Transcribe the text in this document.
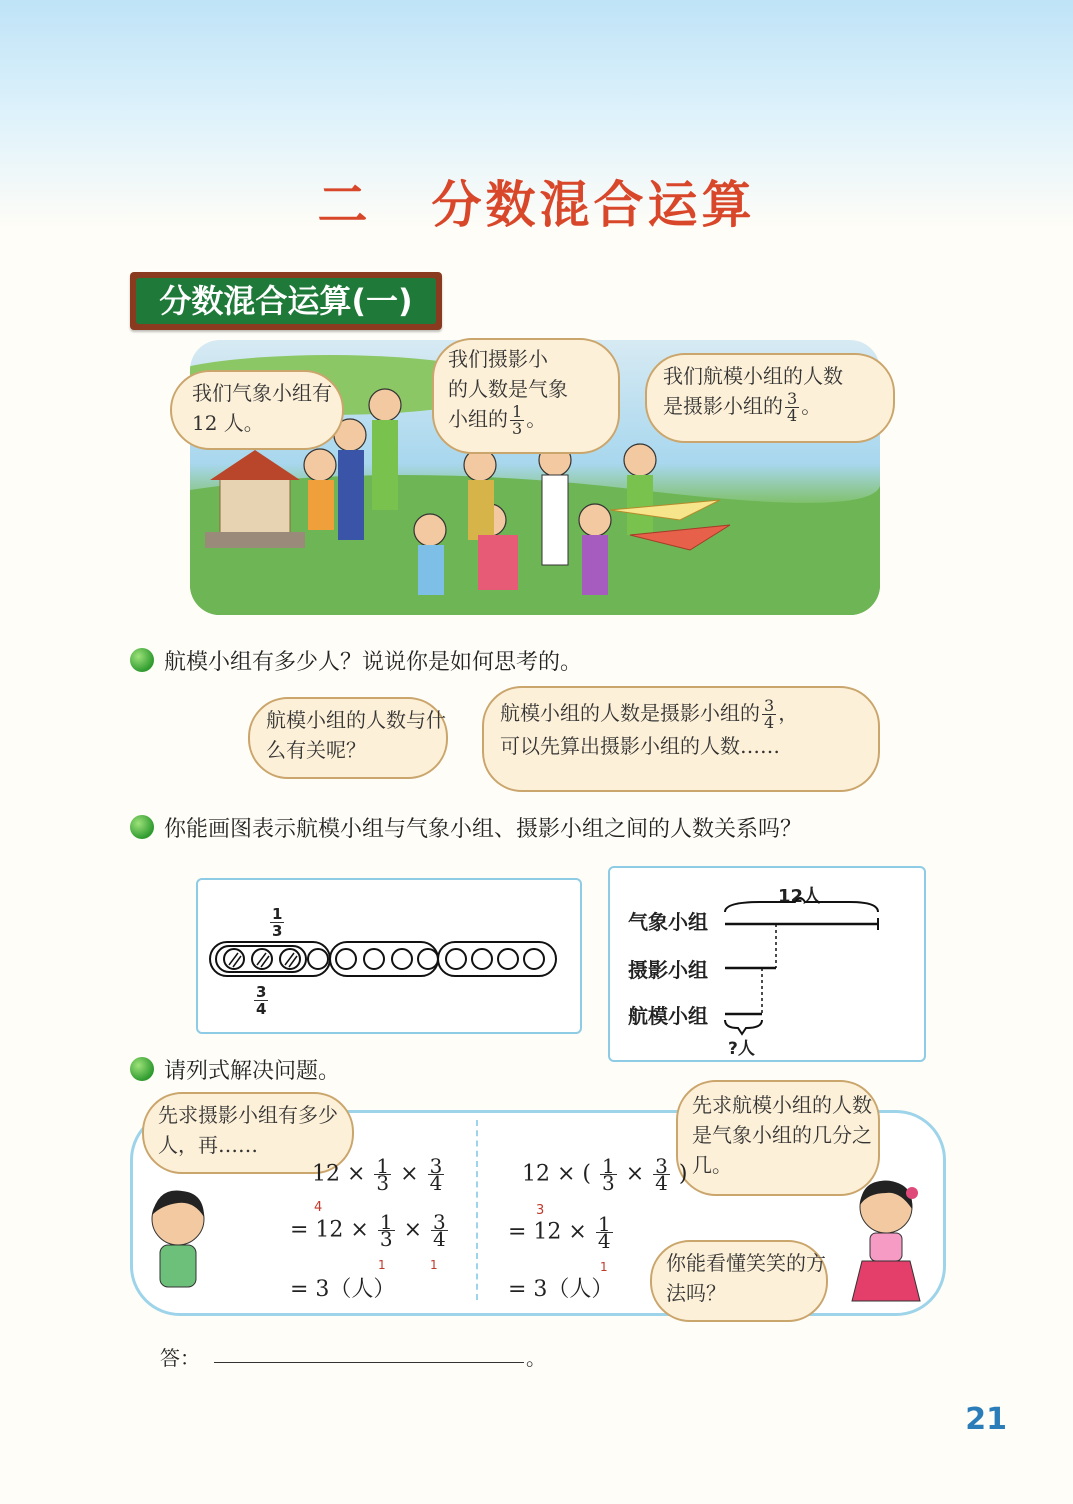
二 分数混合运算
分数混合运算(一)
我们气象小组有 12 人。
我们摄影小
的人数是气象
小组的 $\frac{1}{3}$ 。
我们航模小组的人数
是摄影小组的 $\frac{3}{4}$ 。
航模小组有多少人？说说你是如何思考的。
航模小组的人数与什么有关呢？
航模小组的人数是摄影小组的 $\frac{3}{4}$ ，
可以先算出摄影小组的人数……
你能画图表示航模小组与气象小组、摄影小组之间的人数关系吗？
$\frac{1}{3}$
$\frac{3}{4}$
12人
气象小组
摄影小组
航模小组
?人
请列式解决问题。
先求摄影小组有多少人，再……
先求航模小组的人数是气象小组的几分之几。
你能看懂笑笑的方法吗？
$12 \times \frac{1}{3} \times \frac{3}{4}$
4
= $12 \times \frac{1}{3} \times \frac{3}{4}$
1	1
= 3（人）
12 × ( $\frac{1}{3} \times \frac{3}{4}$ )
3
= $12 \times \frac{1}{4}$
1
= 3（人）
答：	。
21
